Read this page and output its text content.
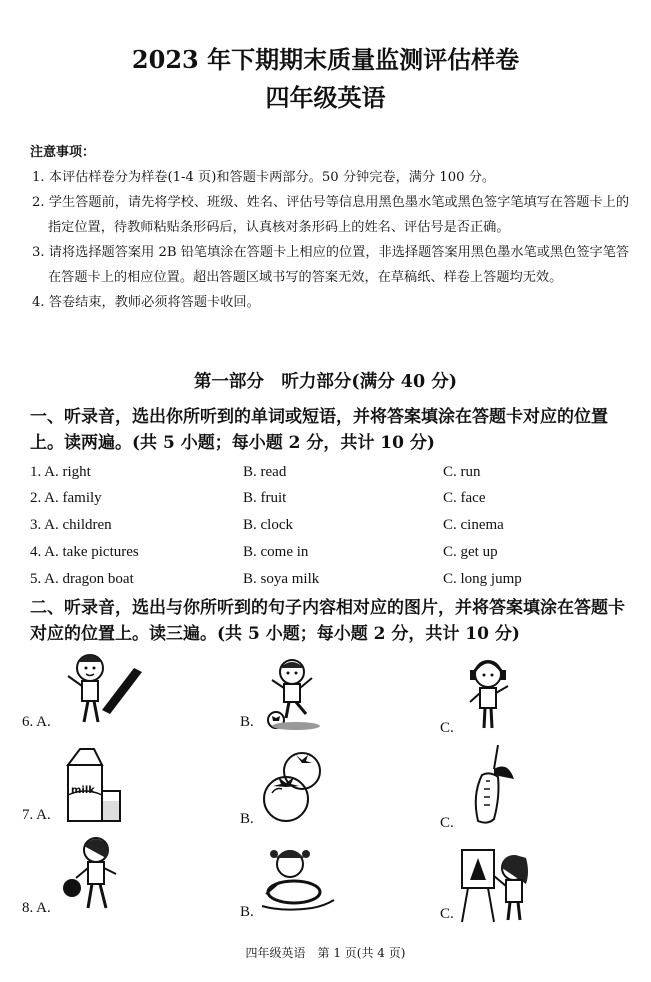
2023 年下期期末质量监测评估样卷
四年级英语
注意事项：
1. 本评估样卷分为样卷(1-4 页)和答题卡两部分。50 分钟完卷，满分 100 分。
2. 学生答题前，请先将学校、班级、姓名、评估号等信息用黑色墨水笔或黑色签字笔填写在答题卡上的指定位置，待教师粘贴条形码后，认真核对条形码上的姓名、评估号是否正确。
3. 请将选择题答案用 2B 铅笔填涂在答题卡上相应的位置，非选择题答案用黑色墨水笔或黑色签字笔答在答题卡上的相应位置。超出答题区域书写的答案无效，在草稿纸、样卷上答题均无效。
4. 答卷结束，教师必须将答题卡收回。
第一部分　听力部分(满分 40 分)
一、听录音，选出你所听到的单词或短语，并将答案填涂在答题卡对应的位置上。读两遍。(共 5 小题；每小题 2 分，共计 10 分)
1. A. right	B. read	C. run
2. A. family	B. fruit	C. face
3. A. children	B. clock	C. cinema
4. A. take pictures	B. come in	C. get up
5. A. dragon boat	B. soya milk	C. long jump
二、听录音，选出与你所听到的句子内容相对应的图片，并将答案填涂在答题卡对应的位置上。读三遍。(共 5 小题；每小题 2 分，共计 10 分)
6. A.	B.	C.
7. A.
milk
B.	C.
8. A.	B.	C.
四年级英语　第 1 页(共 4 页)
